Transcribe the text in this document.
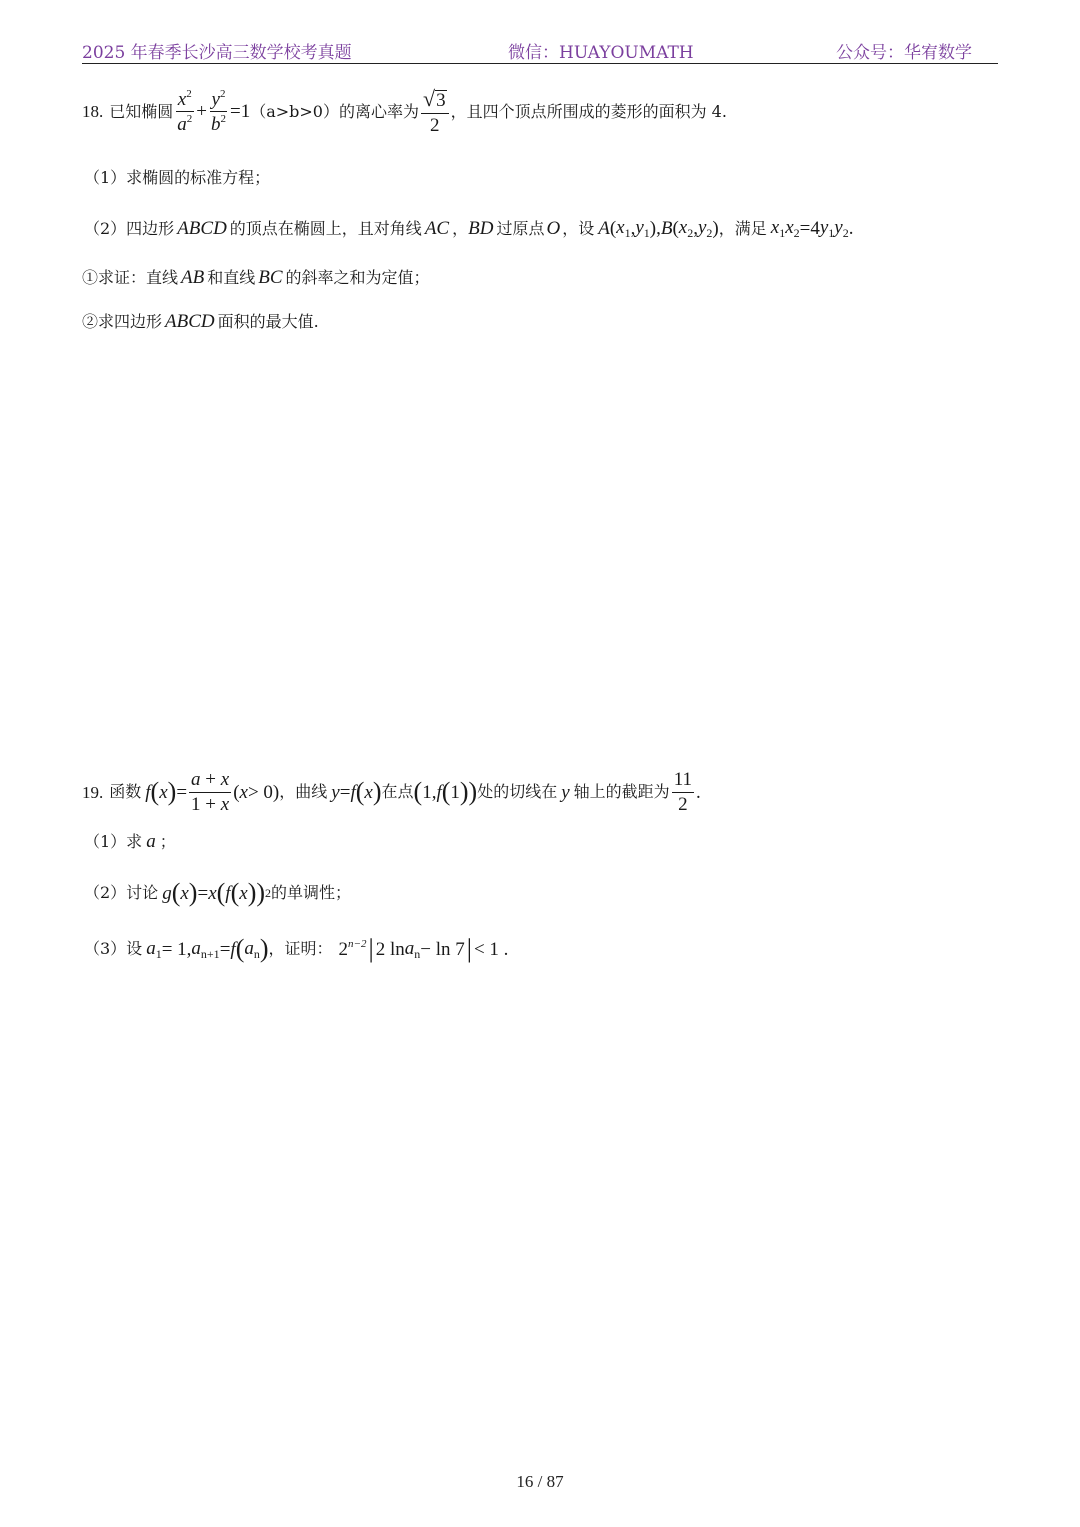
2025 年春季长沙高三数学校考真题	微信：HUAYOUMATH	公众号：华宥数学
18. 已知椭圆 $\frac{x^2}{a^2} + \frac{y^2}{b^2} =1$ （a>b>0）的离心率为 $\frac{√ 3}{2}$ ，且四个顶点所围成的菱形的面积为 4.
（1）求椭圆的标准方程；
（2）四边形 ABCD 的顶点在椭圆上，且对角线 AC ， BD 过原点 O ，设 A ( $x_1$ , $y_1$ ), B ( $x_2$ , $y_2$ ) ，满足 $x_1x_2 =4$ $y_1y_2$ .
①求证：直线 AB 和直线 BC 的斜率之和为定值；
②求四边形 ABCD 面积的最大值.
19. 函数 f ( x ) = $\frac{a + x}{1 + x}$ ( x > 0) ，曲线 y = f ( x ) 在点 ( 1, f ( 1 )) 处的切线在 y 轴上的截距为 $\frac{11}{2}$ .
（1）求 a ；
（2）讨论 g ( x ) = x ( f ( x )) 2 的单调性；
（3）设 $a_1 = 1$, $a_{n+1} = f$ ( $a_n$ ) ，证明： $2^{n-2}$ | 2 $\ln a_n - \ln 7$ | < 1 .
16 / 87
